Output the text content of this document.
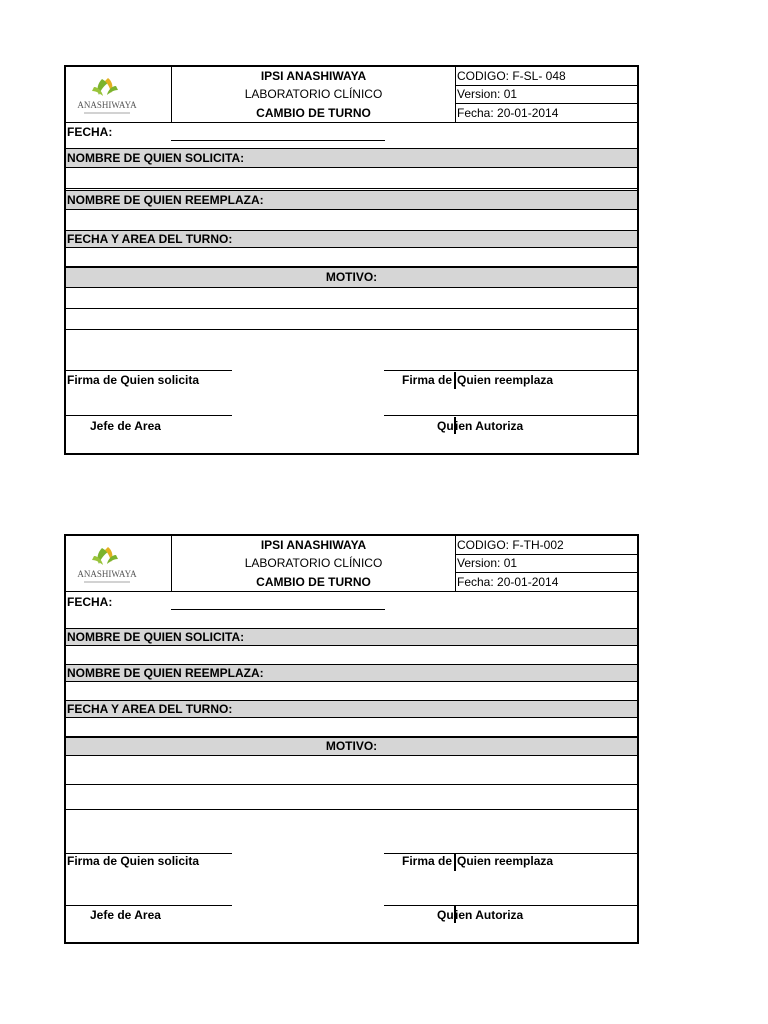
ANASHIWAYA
IPSI ANASHIWAYA
LABORATORIO CLÍNICO
CAMBIO DE TURNO
CODIGO: F-SL- 048
Version: 01
Fecha: 20-01-2014
FECHA:
NOMBRE DE QUIEN SOLICITA:
NOMBRE DE QUIEN REEMPLAZA:
FECHA Y AREA DEL TURNO:
MOTIVO:
Firma de Quien solicita	Firma de Quien reemplaza
Jefe de Area	Qu ien Autoriza
ANASHIWAYA
IPSI ANASHIWAYA
LABORATORIO CLÍNICO
CAMBIO DE TURNO
CODIGO: F-TH-002
Version: 01
Fecha: 20-01-2014
FECHA:
NOMBRE DE QUIEN SOLICITA:
NOMBRE DE QUIEN REEMPLAZA:
FECHA Y AREA DEL TURNO:
MOTIVO:
Firma de Quien solicita	Firma de Quien reemplaza
Jefe de Area	Qu ien Autoriza
